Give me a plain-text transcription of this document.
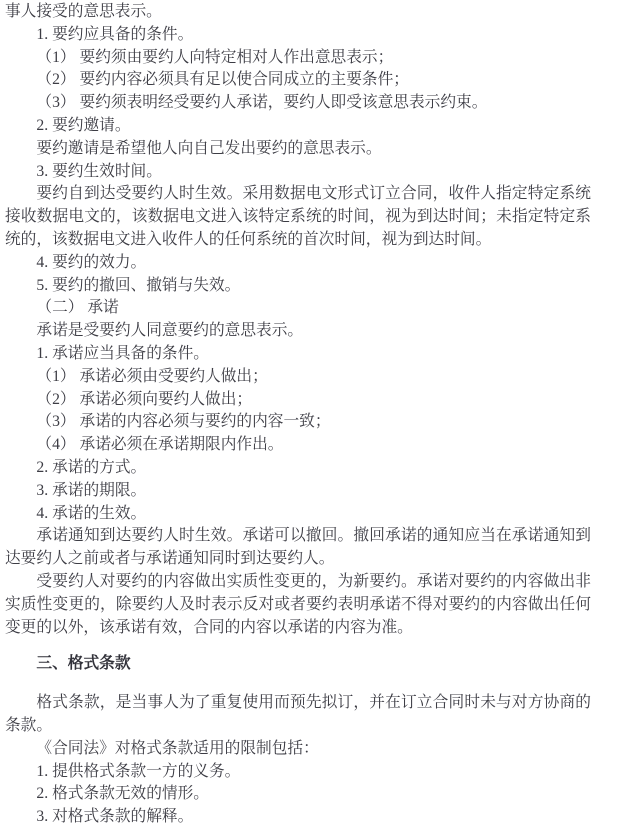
事人接受的意思表示。

1. 要约应具备的条件。

（1） 要约须由要约人向特定相对人作出意思表示；

（2） 要约内容必须具有足以使合同成立的主要条件；

（3） 要约须表明经受要约人承诺，要约人即受该意思表示约束。

2. 要约邀请。

要约邀请是希望他人向自己发出要约的意思表示。

3. 要约生效时间。

要约自到达受要约人时生效。采用数据电文形式订立合同，收件人指定特定系统接收数据电文的，该数据电文进入该特定系统的时间，视为到达时间；未指定特定系统的，该数据电文进入收件人的任何系统的首次时间，视为到达时间。

4. 要约的效力。

5. 要约的撤回、撤销与失效。

（二） 承诺

承诺是受要约人同意要约的意思表示。

1. 承诺应当具备的条件。

（1） 承诺必须由受要约人做出；

（2） 承诺必须向要约人做出；

（3） 承诺的内容必须与要约的内容一致；

（4） 承诺必须在承诺期限内作出。

2. 承诺的方式。

3. 承诺的期限。

4. 承诺的生效。

承诺通知到达要约人时生效。承诺可以撤回。撤回承诺的通知应当在承诺通知到达要约人之前或者与承诺通知同时到达要约人。

受要约人对要约的内容做出实质性变更的，为新要约。承诺对要约的内容做出非实质性变更的，除要约人及时表示反对或者要约表明承诺不得对要约的内容做出任何变更的以外，该承诺有效，合同的内容以承诺的内容为准。

三、格式条款

格式条款，是当事人为了重复使用而预先拟订，并在订立合同时未与对方协商的条款。

《合同法》对格式条款适用的限制包括：

1. 提供格式条款一方的义务。

2. 格式条款无效的情形。

3. 对格式条款的解释。
